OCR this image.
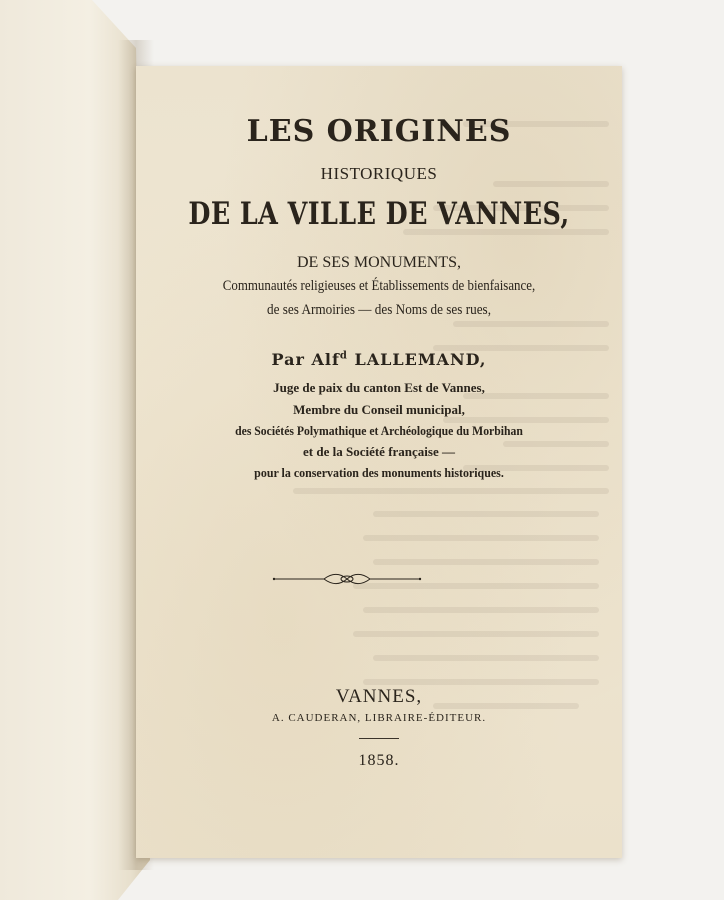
LES ORIGINES
HISTORIQUES
DE LA VILLE DE VANNES,
DE SES MONUMENTS,
Communautés religieuses et Établissements de bienfaisance,
de ses Armoiries — des Noms de ses rues,
Par Alf$^d$ LALLEMAND,
Juge de paix du canton Est de Vannes,
Membre du Conseil municipal,
des Sociétés Polymathique et Archéologique du Morbihan
et de la Société française —
pour la conservation des monuments historiques.
VANNES,
A. CAUDERAN, LIBRAIRE-ÉDITEUR.
1858.
